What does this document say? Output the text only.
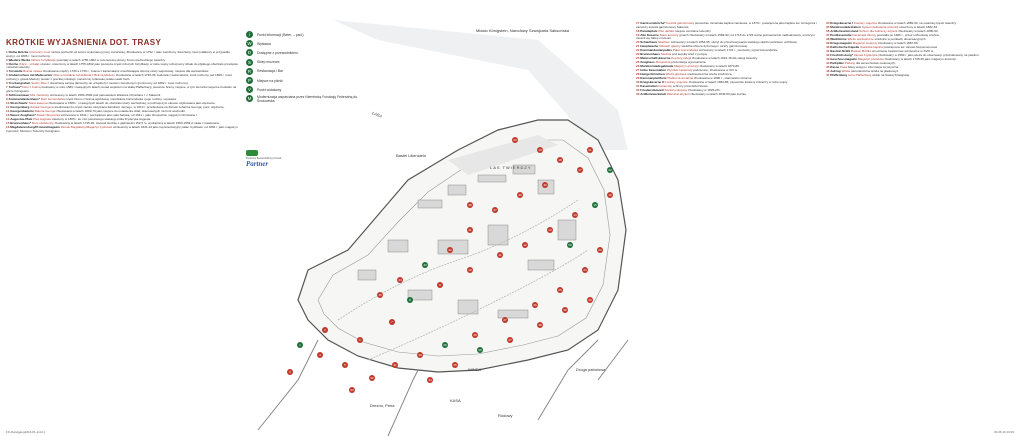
KRÓTKIE WYJAŚNIENIA DOT. TRASY
1 Rothe Brücke Czerwony most nazwa pochodzi od koloru wykonanej pracy murarskiej. Zbudowany w 1792 r. jako zwodzony drewniany most (stałkowy w przypadku wojny), od 1886 r. most ruchomy.
2 Wiedere Werke Nižsze fortyfikacje powstały w latach 1755-1802 w celu lepszej obrony frontu wschodniego twierdzy.
3 Fléche (franc.: strzała) szaniec, utworzony w latach 1755-1862 jako pierwsza część niższych fortyfikacji, w razie wojny uchwycony działo do płytkiego obstrzału przedpola i ścieżek twierdzy.
4 Torswelle Brama miasta zbudowana między 1729 a 1736 r., brama z kazamatami umożliwiająca obronę strefy wejściowej; miejsce dla wartowników.
5 Grabenschere mit Medusentor Rów w kształcie rozwidlenia z Bramą Meduzy zbudowane w latach 1730-36, budowla z kazamatami; most ruchomy (od 1890 r. most ruchomy), głowa Meduzy postać z greckiej mitologii, ponad nią: królewski polsko-saski herb.
6 Trockengraben Suchy Rów z drewnianą sampą (łańcuchy do urządzeń) i mostem zwodzonym (porzucony od 1892 r. most ruchomy).
7 Torhaus* Dom z bramą budowany w roku 1589 i następnych latach ponad wejściem na skałą Pfaffenberg; pierwsze bramy miejsce, w tym kierunku wojenne budowle na górze Königstein.
8 Schlossmauer Mur zamkowy wzniesiony w latach 1583-1589 pod panowaniem Elektora Christiana I. z Saksonii.
9 Kommandantenhaus* Dom komendanta część Domu z bramą wjazdową, mieszkanie komendanta i jego rodziny i wystawa.
10 Streichwehr Stara kaserna zbudowana w 1589 r. i następnych latach do obstrzału strefy wschodniej; w późniejszym okresie użytkowana jako więzienie.
11 Georgenburg Zamek Georga w średniowieczu część zamku nazywana Zamkiem Jerzego, w 1619 r. przebudowa na Zamek Johanna Georga; pocz. więzienie.
12 Georgenbatterie Bateria Georga zbudowana w latach 1669-79 jako miejsce do ustawienia dział, skierowanych na front wschodni.
13 Neues Zeughaus* Nowa zbrojownia wzniesiona w 1631 r. początkowo jako sala balowa, od 1631 r. jako zbrojownia, magazyn Christiana I.
14 Augustus-Platz Plac Augusta założony w 1805 r. ku czci pierwszego saskiego króla Fryderyka Augusta.
15 Brunnenhaus* Dom studzienny zbudowany w latach 1735-36; stanowi studnię o głębokości 152,5 m, wydrążoną w latach 1563-1569 w skale z piaskowca.
16 Magdalenenburg/Proviantmagazin Zamek Magdaleny/Magazyn żywności wzniesiony w latach 1621-22 jako reprezentacyjny pałac myśliwski, od 1894 r. jako magazyn żywności; Muzeum Twierdzy Königstein.
i	Punkt informacji (Beter, – pad.)
W	Wystawa
D	Dostępne z przewodnikiem
S	Sklep muzeum
R	Restauracja i Bar
P	Miejsce na piknik
V	Punkt widokowy
M	Modernizacja wsparciana przez Niemiecką Fundację Federalną ds. Środowiska
Deutsche Bundesstiftung Umwelt
Partner
Miasto Königstein, Narodowy Szwajcaria Saksońska
ŁABA
Bastei Lilienstein
LAS TWIERDZY
Droga patrolowa
Rodowy
Drezno, Pirna
KASA
WINDA
1
2
3
4
5
6
7
8
9
10
11
12
13
14
15
16
17
18
19
20
21
22
23
24
25
26
27
28
29
30
31
32
33
34
35
36
37
38
39
40
41
42
43
44
45
46
47
48
49
50
17 Garnisonskirche* Kościół garnizonowy pierwotnie romańska kaplica zamkowa, w 1676 r. poświęcona jako kaplica św. Grzegorza i pierwszy kościół garnizonowy Saksonii.
18 Paradeplatz Plac defilad miejsce centralne twierdzy.
19 Alte Kaserne Stare koszary gmach zbudowany w latach 1589-90; od 1715 do 1726 wolne jednostronnie nadbudowany, w którym mieścił się Sklep muzeum.
20 Schatzhaus Skarbiec wzniesiony w latach 1854-55; służył do przechowywania saskiego skarbu państwa i archiwów.
21 Hauptwache Odwach główny siedziba oficera dyżurnego i straży garnizonowej.
22 Kommandantenpalais Pałac komendanta wzniesiony w latach 1731 r., pierwotny ogród komendanta.
23 Brunnenhaus Studnia pod kopułą wraz z pompą.
24 Mannschaftskaserne Koszary załogi zbudowane w latach 1816-18 dla załogi twierdzy.
25 Zeughaus Zbrojownia prezentacja wyposażenia.
26 Munitionsladegebäude Magazyn amunicji zbudowany w latach 1879-80.
27 Hohe Kasematten Wysokie kazamaty podziemne, zbudowane w XIX w.
28 Hungertürmchen Wieża głodowa średniowieczna wieża strażnicza.
29 Kanonenplattform Platforma armatnia zbudowana w 1890 r., stanowisko obronne.
30 Kriegskaserne II Koszary wojenne zbudowane w latach 1884-86, pierwotnie kwatery żołnierzy w razie wojny.
31 Kasematten Kazamaty schrony przeciwbombowe.
32 Friedenslazarett Szpital pokojowy zbudowany w 1825-28 r.
33 Artilleriewerkstatt Warsztat artylerii zbudowany w latach 1849-50 jako kuźnia.
34 Kriegskaserne I Koszary wojenne zbudowane w latach 1889-90, na ostatniej części twierdzy.
35 Munitionsladestation System ładowania amunicji utworzony w latach 1882-84.
36 Artillerieunterstand Schron dla żołnierzy artylerii zbudowany w latach 1890-92.
37 Pestkasematte Kazamata dżumy powstała po 1680 r., przez rozbudowę szańca.
38 Wachtürme Wieże wartownicze strażnice w punktach obserwacyjnych.
39 Kriegsmagazin Magazyn wojenny zbudowany w latach 1887-88.
40 Katholische Kapelle Katolicka kaplica poświęcona św. Janowi Nepomucenowi.
41 Bastion Brühl Bastion Brühla umocnienie bastionowe wzniesione w XVIII w.
42 Friedrichsburg* Zamek Fryderyka zbudowany w 1589 r. jako wieża do obserwacji, przebudowany na pawilon.
43 Geschossmagazin Magazyn pocisków zbudowany w latach 1735-36 jako magazyn amunicji.
44 Parkplatz Parking dla samochodów osobowych.
45 Kasse Kasa bilety wstępu i informacja turystyczna.
46 Aufzug Winda panoramiczna winda na płaskowyż.
47 Pfaffenberg Góra Pfaffenberg widok na Saską Szwajcarię.
FK-Rundgang2016-PL.indd 1	30.06.16 13:09
